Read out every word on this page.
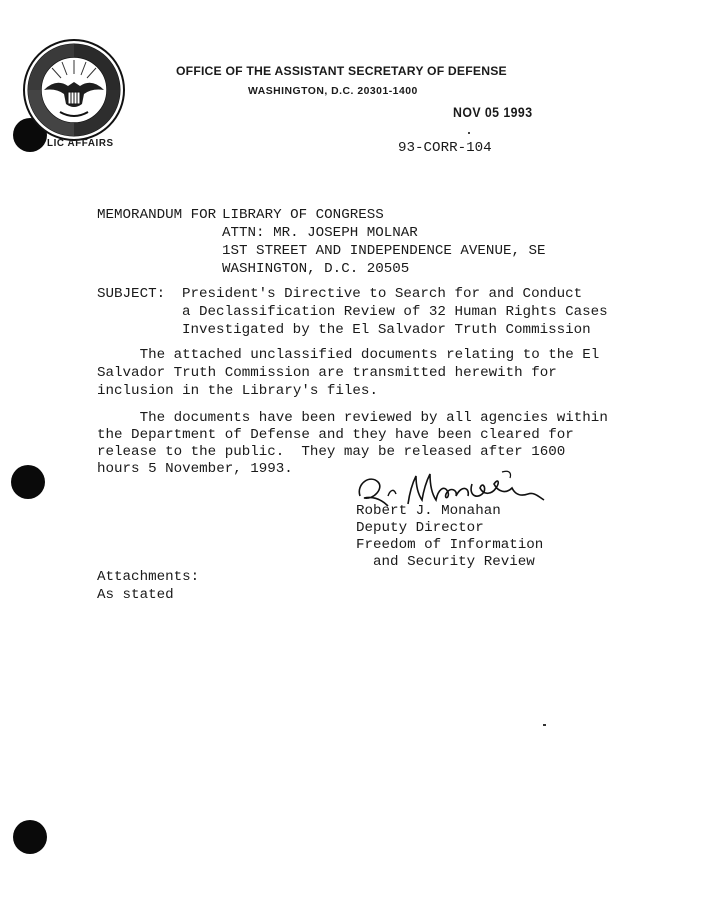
OFFICE OF THE ASSISTANT SECRETARY OF DEFENSE
WASHINGTON, D.C. 20301-1400
NOV 05 1993
LIC AFFAIRS	93-CORR-104
MEMORANDUM FOR LIBRARY OF CONGRESS
ATTN: MR. JOSEPH MOLNAR
1ST STREET AND INDEPENDENCE AVENUE, SE
WASHINGTON, D.C. 20505
SUBJECT: President's Directive to Search for and Conduct
a Declassification Review of 32 Human Rights Cases
Investigated by the El Salvador Truth Commission
The attached unclassified documents relating to the El
Salvador Truth Commission are transmitted herewith for
inclusion in the Library's files.
The documents have been reviewed by all agencies within
the Department of Defense and they have been cleared for
release to the public.  They may be released after 1600
hours 5 November, 1993.
Robert J. Monahan
Deputy Director
Freedom of Information
and Security Review
Attachments:
As stated
